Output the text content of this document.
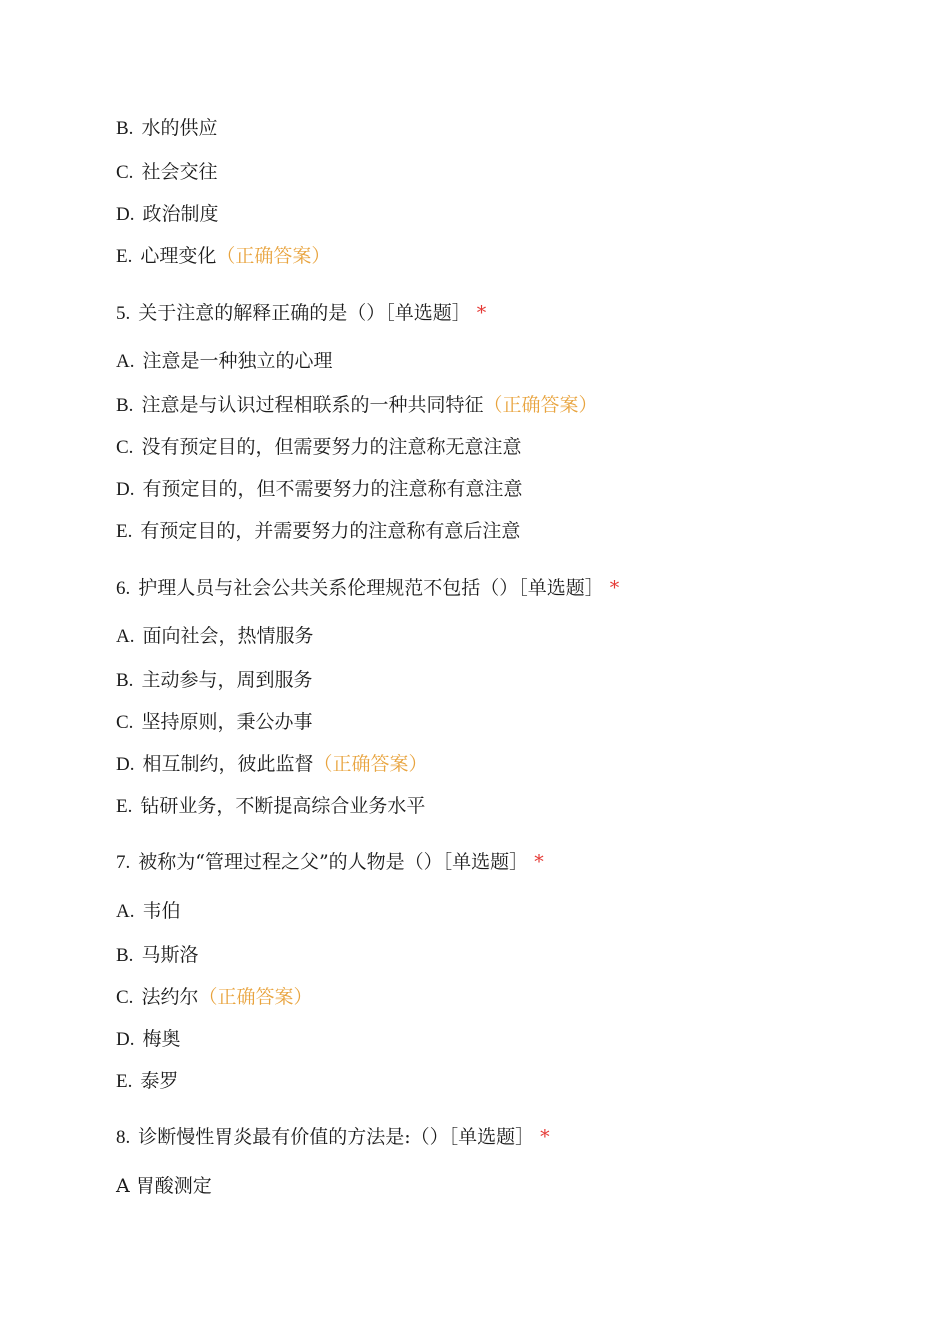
B. 水的供应
C. 社会交往
D. 政治制度
E. 心理变化（正确答案）
5. 关于注意的解释正确的是（）［单选题］ *
A. 注意是一种独立的心理
B. 注意是与认识过程相联系的一种共同特征（正确答案）
C. 没有预定目的，但需要努力的注意称无意注意
D. 有预定目的，但不需要努力的注意称有意注意
E. 有预定目的，并需要努力的注意称有意后注意
6. 护理人员与社会公共关系伦理规范不包括（）［单选题］ *
A. 面向社会，热情服务
B. 主动参与，周到服务
C. 坚持原则，秉公办事
D. 相互制约，彼此监督（正确答案）
E. 钻研业务，不断提高综合业务水平
7. 被称为“管理过程之父”的人物是（）［单选题］ *
A. 韦伯
B. 马斯洛
C. 法约尔（正确答案）
D. 梅奥
E. 泰罗
8. 诊断慢性胃炎最有价值的方法是:（）［单选题］ *
A 胃酸测定
